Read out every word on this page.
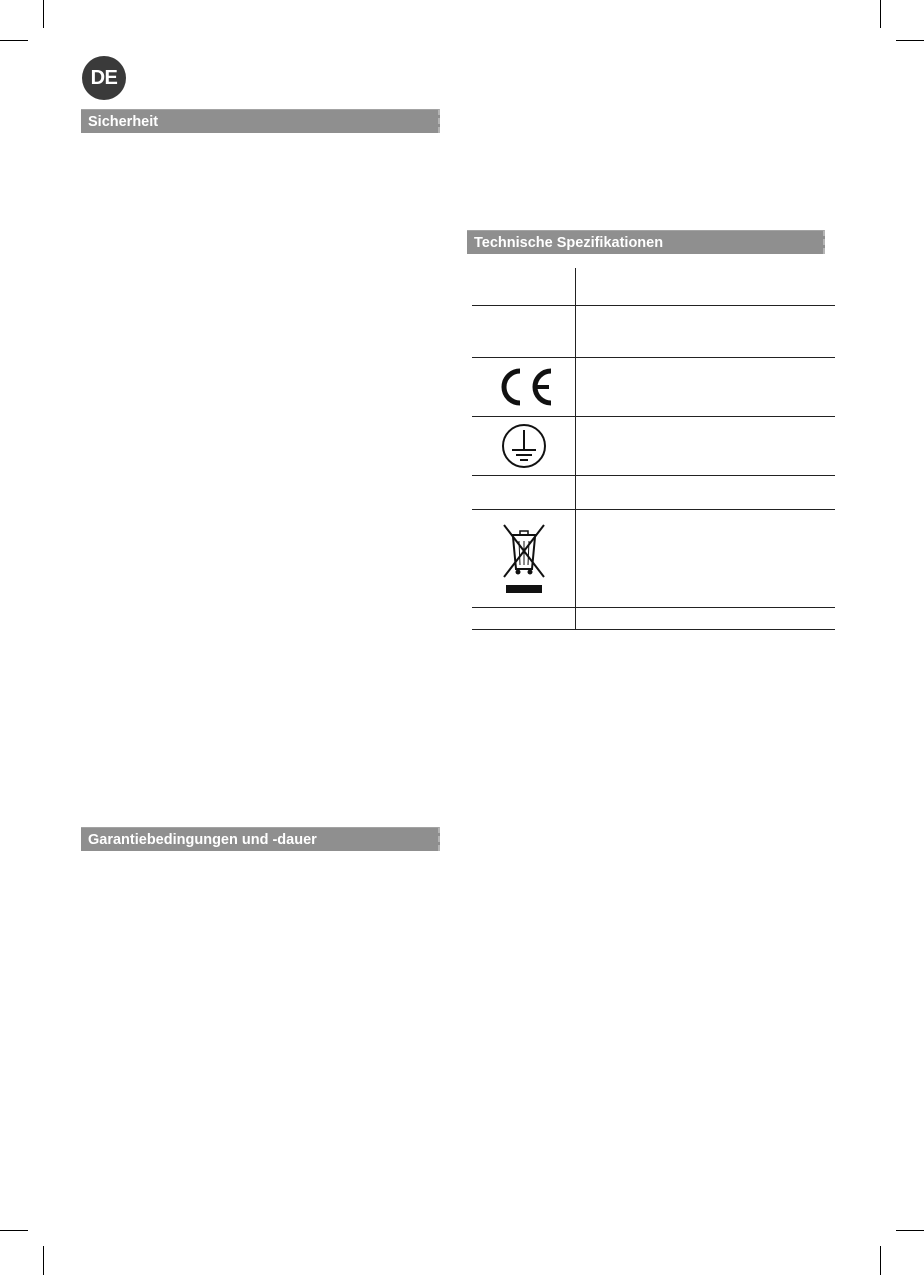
DE
Sicherheit
Technische Spezifikationen
Garantiebedingungen und -dauer
